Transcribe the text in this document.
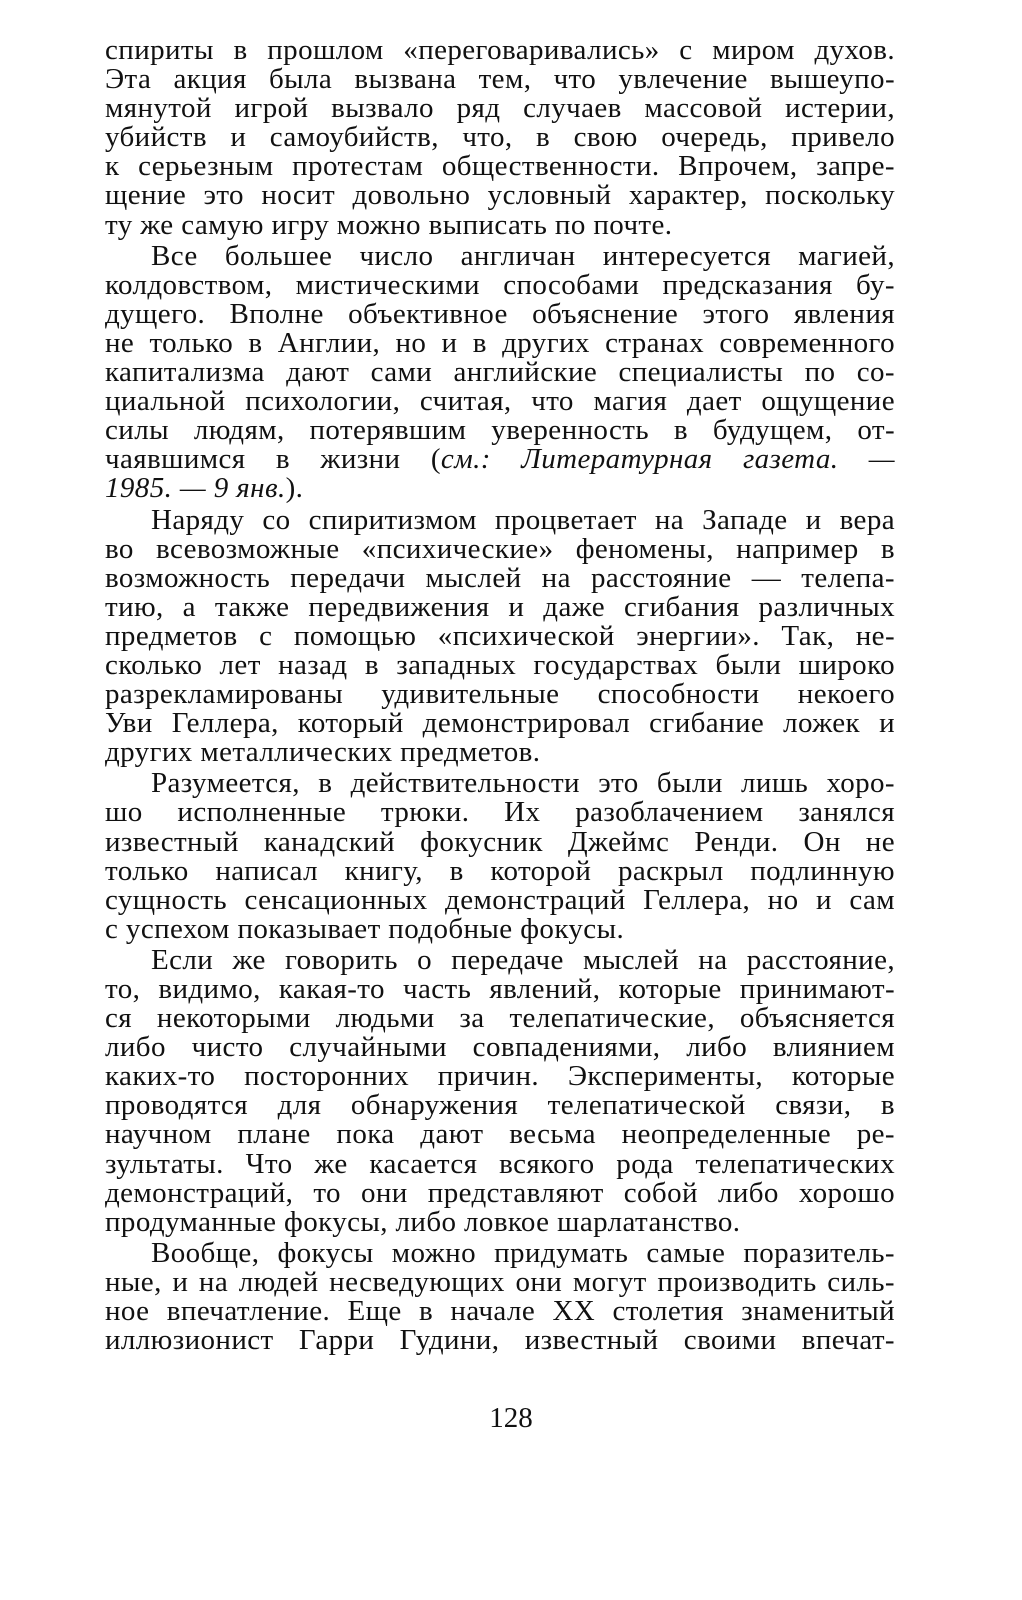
спириты в прошлом «переговаривались» с миром духов.
Эта акция была вызвана тем, что увлечение вышеупо-
мянутой игрой вызвало ряд случаев массовой истерии,
убийств и самоубийств, что, в свою очередь, привело
к серьезным протестам общественности. Впрочем, запре-
щение это носит довольно условный характер, поскольку
ту же самую игру можно выписать по почте.
Все большее число англичан интересуется магией,
колдовством, мистическими способами предсказания бу-
дущего. Вполне объективное объяснение этого явления
не только в Англии, но и в других странах современного
капитализма дают сами английские специалисты по со-
циальной психологии, считая, что магия дает ощущение
силы людям, потерявшим уверенность в будущем, от-
чаявшимся в жизни (см.: Литературная газета. —
1985. — 9 янв.).
Наряду со спиритизмом процветает на Западе и вера
во всевозможные «психические» феномены, например в
возможность передачи мыслей на расстояние — телепа-
тию, а также передвижения и даже сгибания различных
предметов с помощью «психической энергии». Так, не-
сколько лет назад в западных государствах были широко
разрекламированы удивительные способности некоего
Уви Геллера, который демонстрировал сгибание ложек и
других металлических предметов.
Разумеется, в действительности это были лишь хоро-
шо исполненные трюки. Их разоблачением занялся
известный канадский фокусник Джеймс Ренди. Он не
только написал книгу, в которой раскрыл подлинную
сущность сенсационных демонстраций Геллера, но и сам
с успехом показывает подобные фокусы.
Если же говорить о передаче мыслей на расстояние,
то, видимо, какая-то часть явлений, которые принимают-
ся некоторыми людьми за телепатические, объясняется
либо чисто случайными совпадениями, либо влиянием
каких-то посторонних причин. Эксперименты, которые
проводятся для обнаружения телепатической связи, в
научном плане пока дают весьма неопределенные ре-
зультаты. Что же касается всякого рода телепатических
демонстраций, то они представляют собой либо хорошо
продуманные фокусы, либо ловкое шарлатанство.
Вообще, фокусы можно придумать самые поразитель-
ные, и на людей несведующих они могут производить силь-
ное впечатление. Еще в начале XX столетия знаменитый
иллюзионист Гарри Гудини, известный своими впечат-
128
